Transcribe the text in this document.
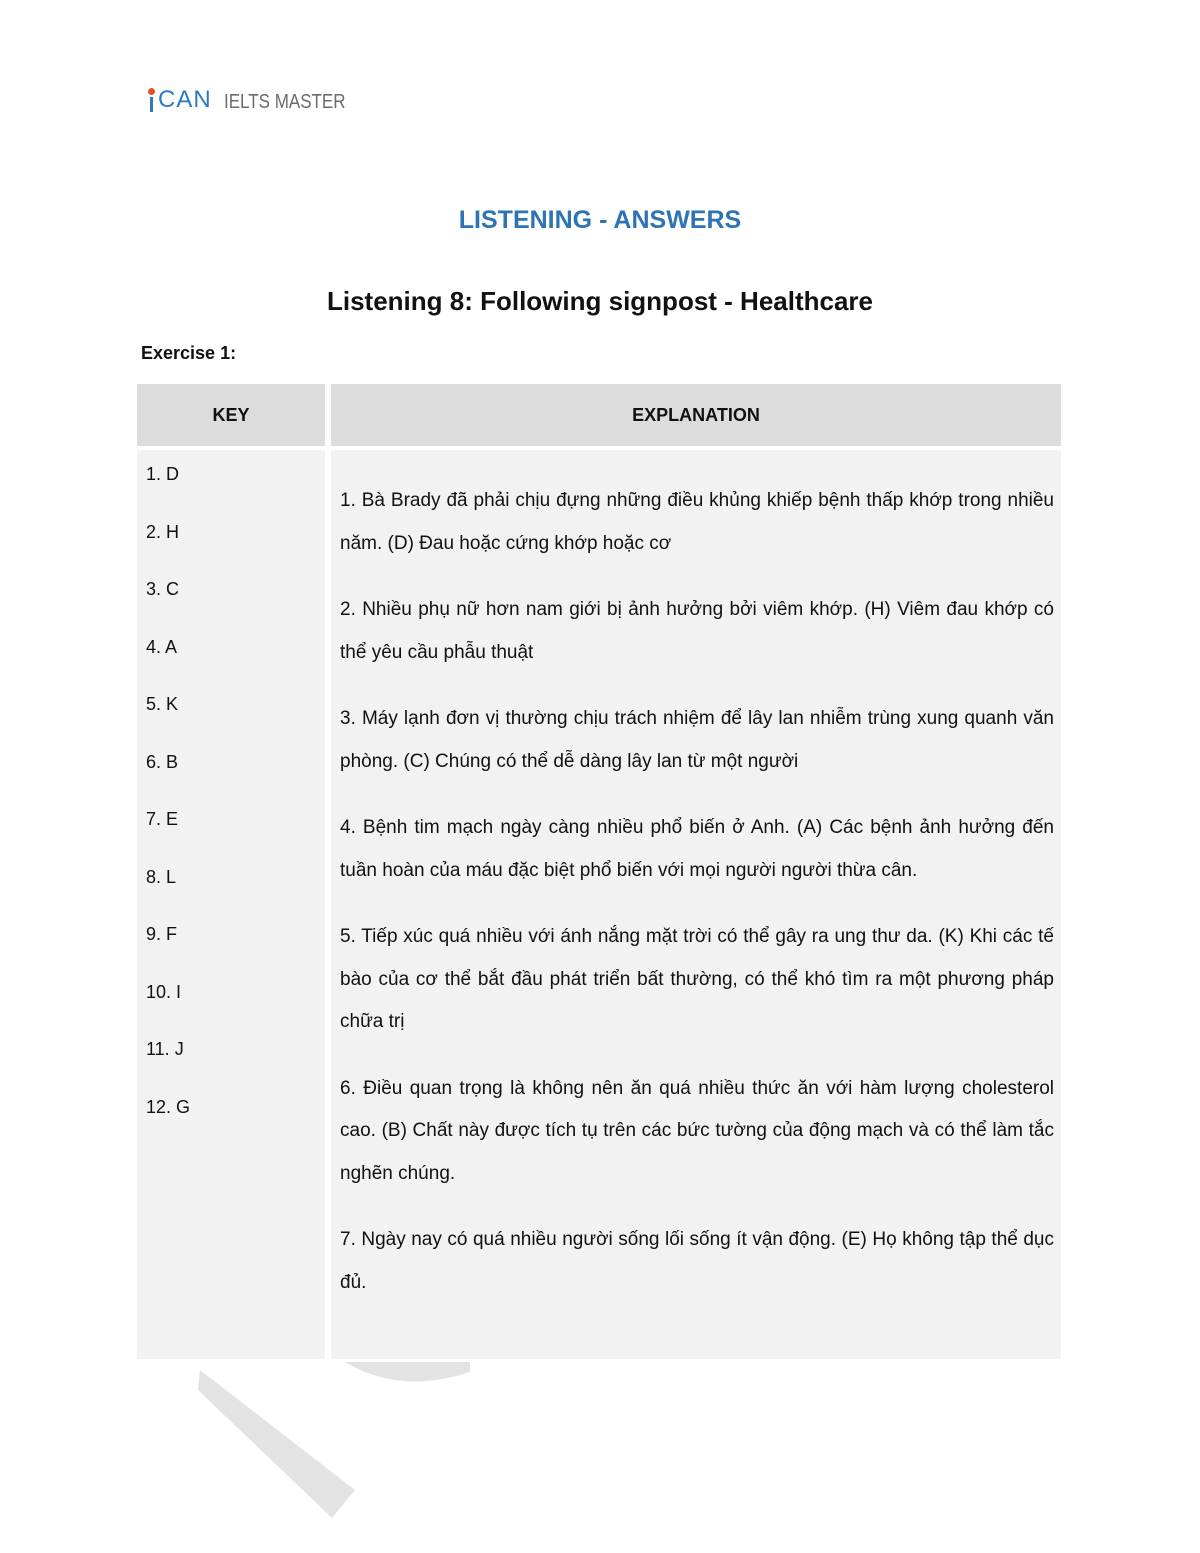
CAN IELTS MASTER
LISTENING - ANSWERS
Listening 8: Following signpost - Healthcare
Exercise 1:
KEY	EXPLANATION
1. D
2. H
3. C
4. A
5. K
6. B
7. E
8. L
9. F
10. I
11. J
12. G

1. Bà Brady đã phải chịu đựng những điều khủng khiếp bệnh thấp khớp trong nhiều năm. (D) Đau hoặc cứng khớp hoặc cơ

2. Nhiều phụ nữ hơn nam giới bị ảnh hưởng bởi viêm khớp. (H) Viêm đau khớp có thể yêu cầu phẫu thuật

3. Máy lạnh đơn vị thường chịu trách nhiệm để lây lan nhiễm trùng xung quanh văn phòng. (C) Chúng có thể dễ dàng lây lan từ một người

4. Bệnh tim mạch ngày càng nhiều phổ biến ở Anh. (A) Các bệnh ảnh hưởng đến tuần hoàn của máu đặc biệt phổ biến với mọi người người thừa cân.

5. Tiếp xúc quá nhiều với ánh nắng mặt trời có thể gây ra ung thư da. (K) Khi các tế bào của cơ thể bắt đầu phát triển bất thường, có thể khó tìm ra một phương pháp chữa trị

6. Điều quan trọng là không nên ăn quá nhiều thức ăn với hàm lượng cholesterol cao. (B) Chất này được tích tụ trên các bức tường của động mạch và có thể làm tắc nghẽn chúng.

7. Ngày nay có quá nhiều người sống lối sống ít vận động. (E) Họ không tập thể dục đủ.
